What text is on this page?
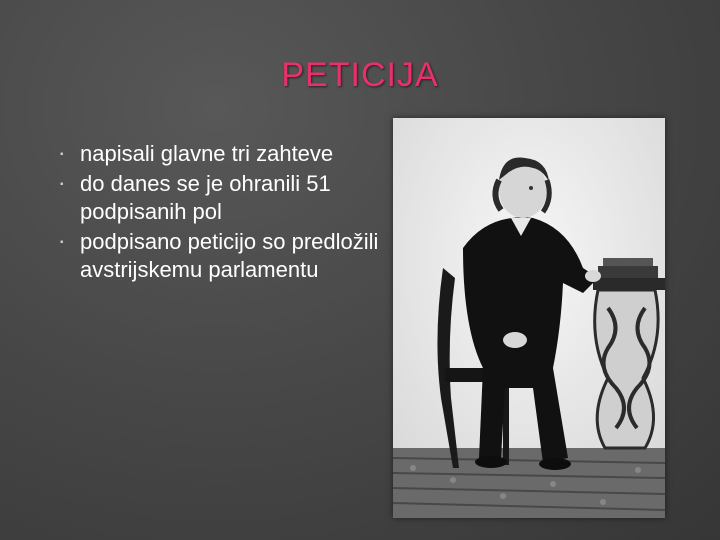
PETICIJA
▪ napisali glavne tri zahteve
▪ do danes se je ohranili 51 podpisanih pol
▪ podpisano peticijo so predložili avstrijskemu parlamentu
